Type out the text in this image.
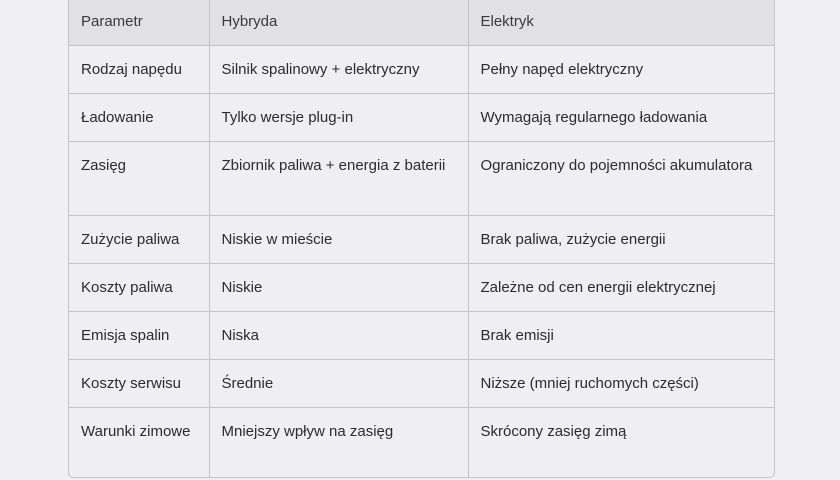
Parametr	Hybryda	Elektryk
Rodzaj napędu	Silnik spalinowy + elektryczny	Pełny napęd elektryczny
Ładowanie	Tylko wersje plug-in	Wymagają regularnego ładowania
Zasięg	Zbiornik paliwa + energia z baterii	Ograniczony do pojemności akumulatora
Zużycie paliwa	Niskie w mieście	Brak paliwa, zużycie energii
Koszty paliwa	Niskie	Zależne od cen energii elektrycznej
Emisja spalin	Niska	Brak emisji
Koszty serwisu	Średnie	Niższe (mniej ruchomych części)
Warunki zimowe	Mniejszy wpływ na zasięg	Skrócony zasięg zimą
